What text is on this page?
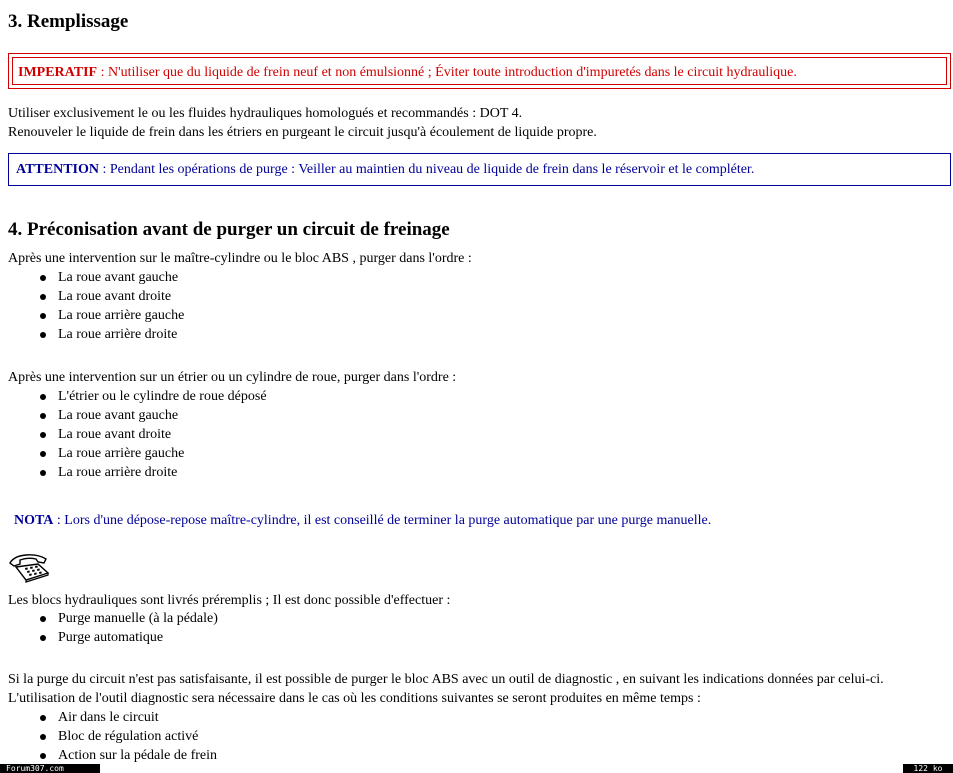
3. Remplissage
IMPERATIF : N'utiliser que du liquide de frein neuf et non émulsionné ; Éviter toute introduction d'impuretés dans le circuit hydraulique.
Utiliser exclusivement le ou les fluides hydrauliques homologués et recommandés : DOT 4.
Renouveler le liquide de frein dans les étriers en purgeant le circuit jusqu'à écoulement de liquide propre.
ATTENTION : Pendant les opérations de purge : Veiller au maintien du niveau de liquide de frein dans le réservoir et le compléter.
4. Préconisation avant de purger un circuit de freinage
Après une intervention sur le maître-cylindre ou le bloc ABS , purger dans l'ordre :
La roue avant gauche
La roue avant droite
La roue arrière gauche
La roue arrière droite
Après une intervention sur un étrier ou un cylindre de roue, purger dans l'ordre :
L'étrier ou le cylindre de roue déposé
La roue avant gauche
La roue avant droite
La roue arrière gauche
La roue arrière droite
NOTA : Lors d'une dépose-repose maître-cylindre, il est conseillé de terminer la purge automatique par une purge manuelle.
Les blocs hydrauliques sont livrés préremplis ; Il est donc possible d'effectuer :
Purge manuelle (à la pédale)
Purge automatique
Si la purge du circuit n'est pas satisfaisante, il est possible de purger le bloc ABS avec un outil de diagnostic , en suivant les indications données par celui-ci.
L'utilisation de l'outil diagnostic sera nécessaire dans le cas où les conditions suivantes se seront produites en même temps :
Air dans le circuit
Bloc de régulation activé
Action sur la pédale de frein
Forum307.com	122 ko
